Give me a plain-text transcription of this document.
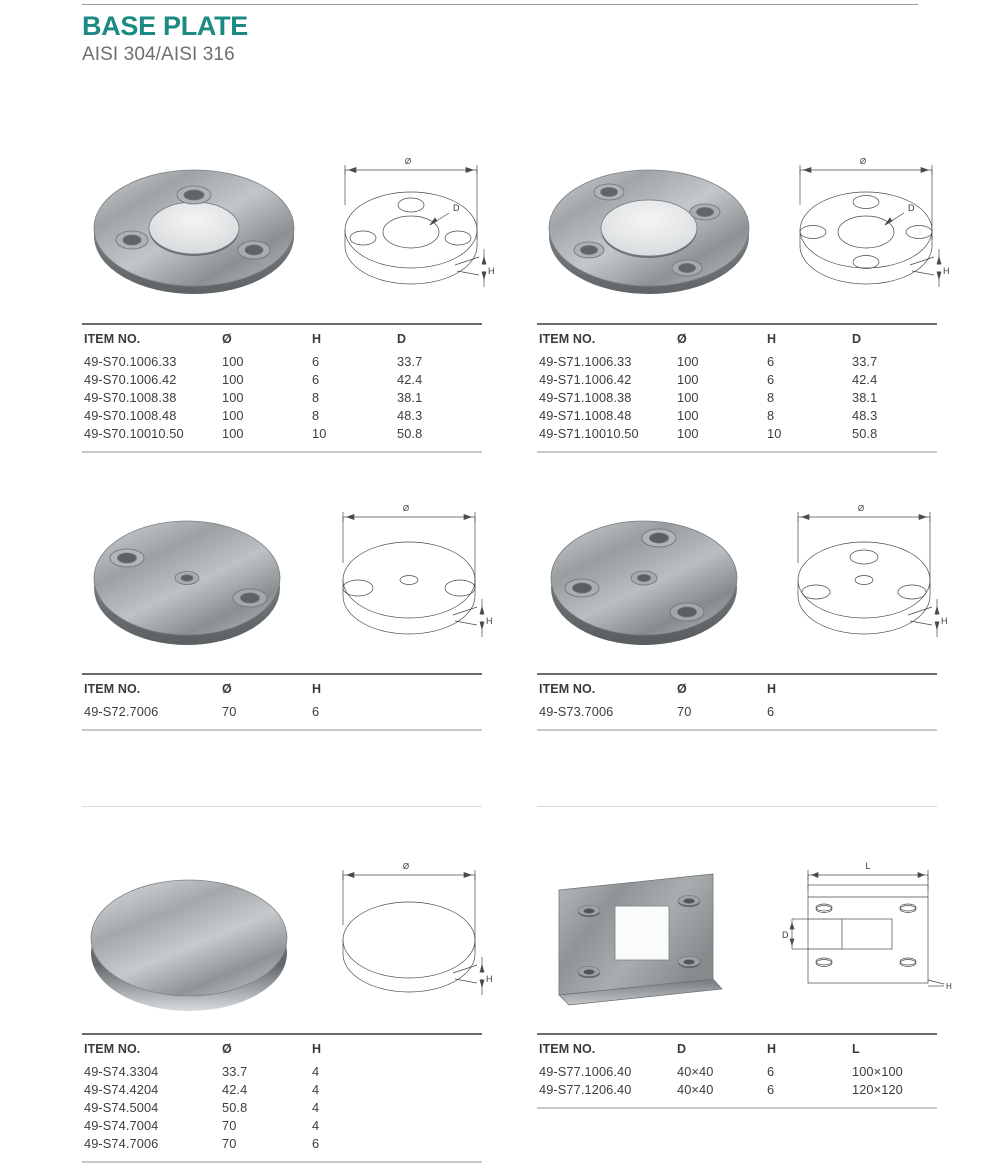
BASE PLATE
AISI 304/AISI 316
Ø
D
H
ITEM NO.	Ø	H	D
49-S70.1006.33	100	6	33.7
49-S70.1006.42	100	6	42.4
49-S70.1008.38	100	8	38.1
49-S70.1008.48	100	8	48.3
49-S70.10010.50	100	10	50.8

Ø
D
H
ITEM NO.	Ø	H	D
49-S71.1006.33	100	6	33.7
49-S71.1006.42	100	6	42.4
49-S71.1008.38	100	8	38.1
49-S71.1008.48	100	8	48.3
49-S71.10010.50	100	10	50.8

Ø
H
ITEM NO.	Ø	H	
49-S72.7006	70	6	

Ø
H
ITEM NO.	Ø	H	
49-S73.7006	70	6	

Ø
H
ITEM NO.	Ø	H	
49-S74.3304	33.7	4	
49-S74.4204	42.4	4	
49-S74.5004	50.8	4	
49-S74.7004	70	4	
49-S74.7006	70	6	

L
D
H
ITEM NO.	D	H	L
49-S77.1006.40	40×40	6	100×100
49-S77.1206.40	40×40	6	120×120
